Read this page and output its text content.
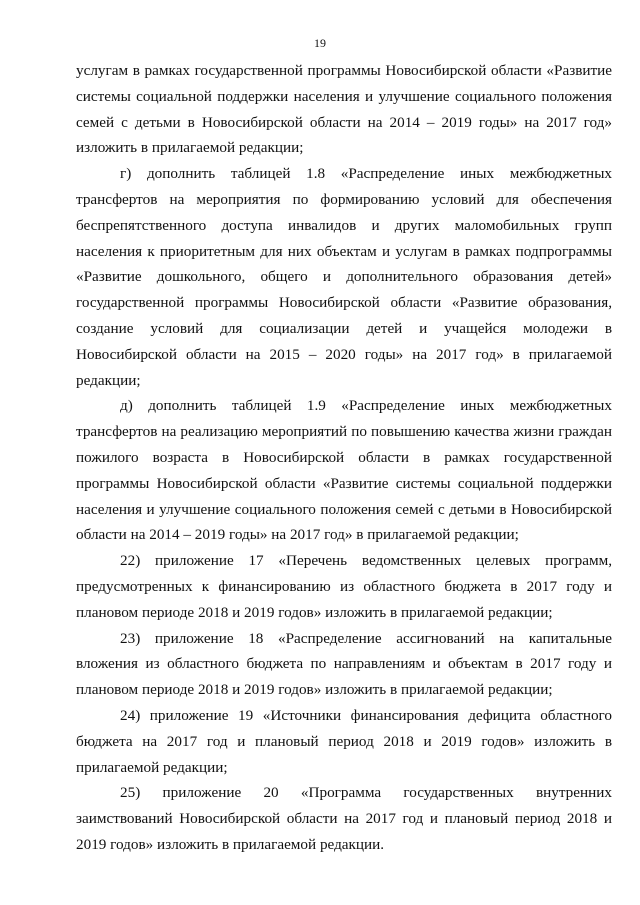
19

услугам в рамках государственной программы Новосибирской области «Развитие системы социальной поддержки населения и улучшение социального положения семей с детьми в Новосибирской области на 2014 – 2019 годы» на 2017 год» изложить в прилагаемой редакции;

г) дополнить таблицей 1.8 «Распределение иных межбюджетных трансфертов на мероприятия по формированию условий для обеспечения беспрепятственного доступа инвалидов и других маломобильных групп населения к приоритетным для них объектам и услугам в рамках подпрограммы «Развитие дошкольного, общего и дополнительного образования детей» государственной программы Новосибирской области «Развитие образования, создание условий для социализации детей и учащейся молодежи в Новосибирской области на 2015 – 2020 годы» на 2017 год» в прилагаемой редакции;

д) дополнить таблицей 1.9 «Распределение иных межбюджетных трансфертов на реализацию мероприятий по повышению качества жизни граждан пожилого возраста в Новосибирской области в рамках государственной программы Новосибирской области «Развитие системы социальной поддержки населения и улучшение социального положения семей с детьми в Новосибирской области на 2014 – 2019 годы» на 2017 год» в прилагаемой редакции;

22) приложение 17 «Перечень ведомственных целевых программ, предусмотренных к финансированию из областного бюджета в 2017 году и плановом периоде 2018 и 2019 годов» изложить в прилагаемой редакции;

23) приложение 18 «Распределение ассигнований на капитальные вложения из областного бюджета по направлениям и объектам в 2017 году и плановом периоде 2018 и 2019 годов» изложить в прилагаемой редакции;

24) приложение 19 «Источники финансирования дефицита областного бюджета на 2017 год и плановый период 2018 и 2019 годов» изложить в прилагаемой редакции;

25) приложение 20 «Программа государственных внутренних заимствований Новосибирской области на 2017 год и плановый период 2018 и 2019 годов» изложить в прилагаемой редакции.
